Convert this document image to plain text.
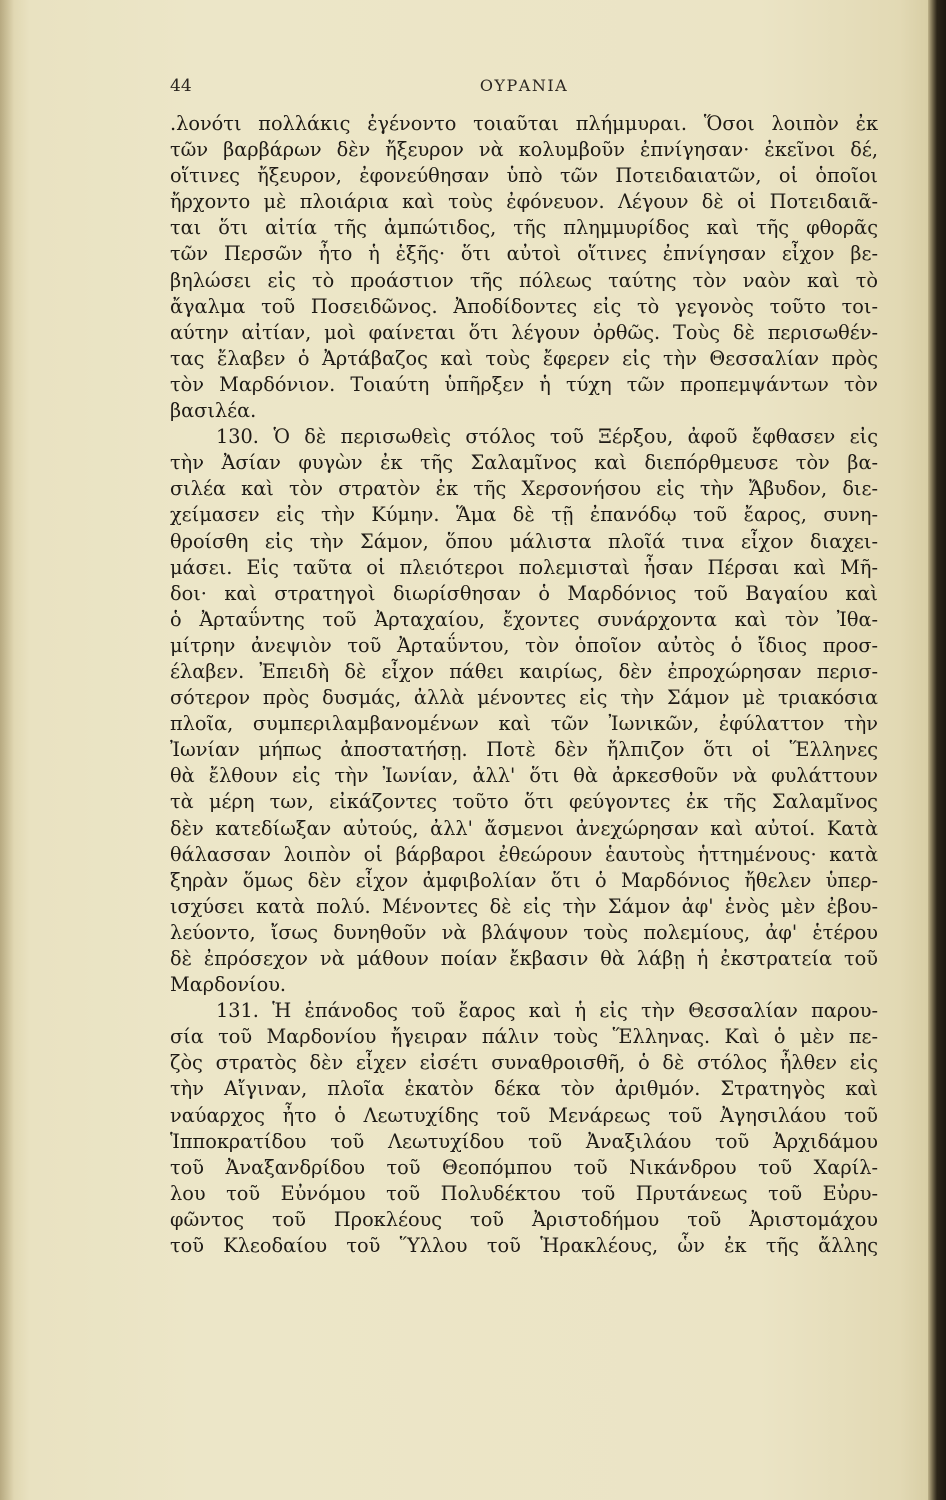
44	ΟΥΡΑΝΙΑ
.λονότι πολλάκις ἐγένοντο τοιαῦται πλήμμυραι. Ὅσοι λοιπὸν ἐκ
τῶν βαρβάρων δὲν ἤξευρον νὰ κολυμβοῦν ἐπνίγησαν· ἐκεῖνοι δέ,
οἵτινες ἤξευρον, ἐφονεύθησαν ὑπὸ τῶν Ποτειδαιατῶν, οἱ ὁποῖοι
ἤρχοντο μὲ πλοιάρια καὶ τοὺς ἐφόνευον. Λέγουν δὲ οἱ Ποτειδαιᾶ-
ται ὅτι αἰτία τῆς ἀμπώτιδος, τῆς πλημμυρίδος καὶ τῆς φθορᾶς
τῶν Περσῶν ἦτο ἡ ἑξῆς· ὅτι αὐτοὶ οἵτινες ἐπνίγησαν εἶχον βε-
βηλώσει εἰς τὸ προάστιον τῆς πόλεως ταύτης τὸν ναὸν καὶ τὸ
ἄγαλμα τοῦ Ποσειδῶνος. Ἀποδίδοντες εἰς τὸ γεγονὸς τοῦτο τοι-
αύτην αἰτίαν, μοὶ φαίνεται ὅτι λέγουν ὀρθῶς. Τοὺς δὲ περισωθέν-
τας ἔλαβεν ὁ Ἀρτάβαζος καὶ τοὺς ἔφερεν εἰς τὴν Θεσσαλίαν πρὸς
τὸν Μαρδόνιον. Τοιαύτη ὑπῆρξεν ἡ τύχη τῶν προπεμψάντων τὸν
βασιλέα.
130. Ὁ δὲ περισωθεὶς στόλος τοῦ Ξέρξου, ἀφοῦ ἔφθασεν εἰς
τὴν Ἀσίαν φυγὼν ἐκ τῆς Σαλαμῖνος καὶ διεπόρθμευσε τὸν βα-
σιλέα καὶ τὸν στρατὸν ἐκ τῆς Χερσονήσου εἰς τὴν Ἄβυδον, διε-
χείμασεν εἰς τὴν Κύμην. Ἅμα δὲ τῇ ἐπανόδῳ τοῦ ἔαρος, συνη-
θροίσθη εἰς τὴν Σάμον, ὅπου μάλιστα πλοῖά τινα εἶχον διαχει-
μάσει. Εἰς ταῦτα οἱ πλειότεροι πολεμισταὶ ἦσαν Πέρσαι καὶ Μῆ-
δοι· καὶ στρατηγοὶ διωρίσθησαν ὁ Μαρδόνιος τοῦ Βαγαίου καὶ
ὁ Ἀρταΰντης τοῦ Ἀρταχαίου, ἔχοντες συνάρχοντα καὶ τὸν Ἰθα-
μίτρην ἀνεψιὸν τοῦ Ἀρταΰντου, τὸν ὁποῖον αὐτὸς ὁ ἴδιος προσ-
έλαβεν. Ἐπειδὴ δὲ εἶχον πάθει καιρίως, δὲν ἐπροχώρησαν περισ-
σότερον πρὸς δυσμάς, ἀλλὰ μένοντες εἰς τὴν Σάμον μὲ τριακόσια
πλοῖα, συμπεριλαμβανομένων καὶ τῶν Ἰωνικῶν, ἐφύλαττον τὴν
Ἰωνίαν μήπως ἀποστατήσῃ. Ποτὲ δὲν ἤλπιζον ὅτι οἱ Ἕλληνες
θὰ ἔλθουν εἰς τὴν Ἰωνίαν, ἀλλ' ὅτι θὰ ἀρκεσθοῦν νὰ φυλάττουν
τὰ μέρη των, εἰκάζοντες τοῦτο ὅτι φεύγοντες ἐκ τῆς Σαλαμῖνος
δὲν κατεδίωξαν αὐτούς, ἀλλ' ἄσμενοι ἀνεχώρησαν καὶ αὐτοί. Κατὰ
θάλασσαν λοιπὸν οἱ βάρβαροι ἐθεώρουν ἑαυτοὺς ἡττημένους· κατὰ
ξηρὰν ὅμως δὲν εἶχον ἀμφιβολίαν ὅτι ὁ Μαρδόνιος ἤθελεν ὑπερ-
ισχύσει κατὰ πολύ. Μένοντες δὲ εἰς τὴν Σάμον ἀφ' ἑνὸς μὲν ἐβου-
λεύοντο, ἴσως δυνηθοῦν νὰ βλάψουν τοὺς πολεμίους, ἀφ' ἑτέρου
δὲ ἐπρόσεχον νὰ μάθουν ποίαν ἔκβασιν θὰ λάβῃ ἡ ἐκστρατεία τοῦ
Μαρδονίου.
131. Ἡ ἐπάνοδος τοῦ ἔαρος καὶ ἡ εἰς τὴν Θεσσαλίαν παρου-
σία τοῦ Μαρδονίου ἤγειραν πάλιν τοὺς Ἕλληνας. Καὶ ὁ μὲν πε-
ζὸς στρατὸς δὲν εἶχεν εἰσέτι συναθροισθῆ, ὁ δὲ στόλος ἦλθεν εἰς
τὴν Αἴγιναν, πλοῖα ἑκατὸν δέκα τὸν ἀριθμόν. Στρατηγὸς καὶ
ναύαρχος ἦτο ὁ Λεωτυχίδης τοῦ Μενάρεως τοῦ Ἀγησιλάου τοῦ
Ἱπποκρατίδου τοῦ Λεωτυχίδου τοῦ Ἀναξιλάου τοῦ Ἀρχιδάμου
τοῦ Ἀναξανδρίδου τοῦ Θεοπόμπου τοῦ Νικάνδρου τοῦ Χαρίλ-
λου τοῦ Εὐνόμου τοῦ Πολυδέκτου τοῦ Πρυτάνεως τοῦ Εὐρυ-
φῶντος τοῦ Προκλέους τοῦ Ἀριστοδήμου τοῦ Ἀριστομάχου
τοῦ Κλεοδαίου τοῦ Ὕλλου τοῦ Ἡρακλέους, ὧν ἐκ τῆς ἄλλης
